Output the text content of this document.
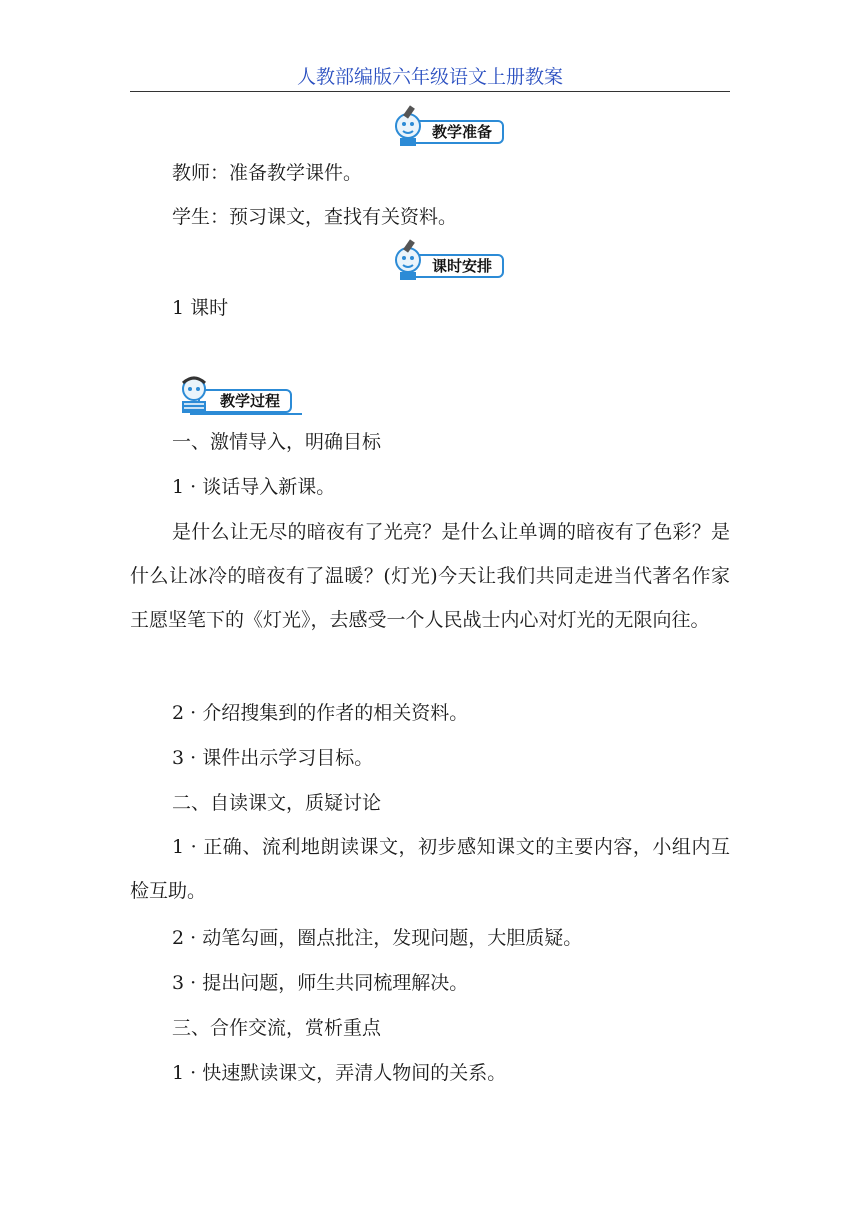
人教部编版六年级语文上册教案
教学准备
教师：准备教学课件。
学生：预习课文，查找有关资料。
课时安排
1 课时
教学过程
一、激情导入，明确目标
1 · 谈话导入新课。
是什么让无尽的暗夜有了光亮？是什么让单调的暗夜有了色彩？是什么让冰冷的暗夜有了温暖？(灯光)今天让我们共同走进当代著名作家王愿坚笔下的《灯光》，去感受一个人民战士内心对灯光的无限向往。
2 · 介绍搜集到的作者的相关资料。
3 · 课件出示学习目标。
二、自读课文，质疑讨论
1 · 正确、流利地朗读课文，初步感知课文的主要内容，小组内互检互助。
2 · 动笔勾画，圈点批注，发现问题，大胆质疑。
3 · 提出问题，师生共同梳理解决。
三、合作交流，赏析重点
1 · 快速默读课文，弄清人物间的关系。
